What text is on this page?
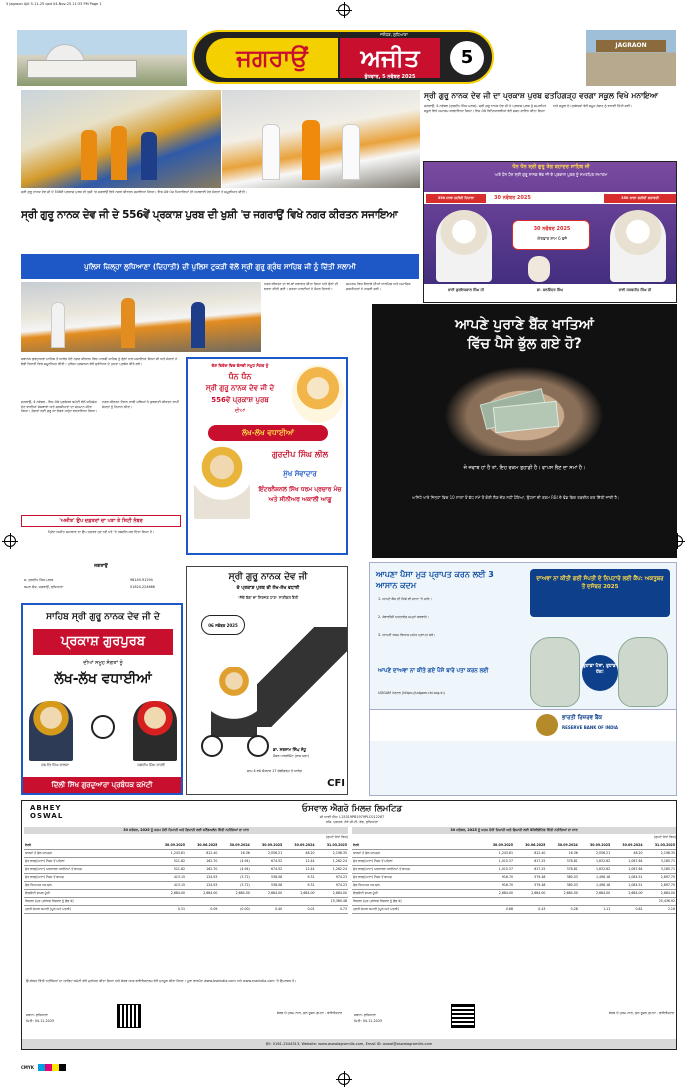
5 Jagraon Ajit 5-11-25 qxd 04-Nov-25 11:33 PM Page 1
ਜਗਰਾਉਂ	ਅਜੀਤ
ਜਲੰਧਰ, ਲੁਧਿਆਣਾ
ਬੁੱਧਵਾਰ, 5 ਨਵੰਬਰ 2025
5
JAGRAON
ਸ੍ਰੀ ਗੁਰੂ ਨਾਨਕ ਦੇਵ ਜੀ ਦੇ 556ਵੇਂ ਪ੍ਰਕਾਸ਼ ਪੁਰਬ ਦੀ ਖੁਸ਼ੀ 'ਚ ਜਗਰਾਉਂ ਵਿਖੇ ਨਗਰ ਕੀਰਤਨ ਸਜਾਇਆ ਗਿਆ। ਇਸ ਮੌਕੇ ਪੰਜ ਪਿਆਰਿਆਂ ਦੀ ਅਗਵਾਈ ਹੇਠ ਸੰਗਤਾਂ ਨੇ ਸ਼ਮੂਲੀਅਤ ਕੀਤੀ।
ਸ੍ਰੀ ਗੁਰੂ ਨਾਨਕ ਦੇਵ ਜੀ ਦਾ ਪ੍ਰਕਾਸ਼ ਪੁਰਬ ਫਤਹਿਗੜ੍ਹ ਵਰਗਾ ਸਕੂਲ ਵਿਖੇ ਮਨਾਇਆ
ਜਗਰਾਉਂ, 4 ਨਵੰਬਰ (ਗੁਰਦੀਪ ਸਿੰਘ ਮਲਕ)- ਸ੍ਰੀ ਗੁਰੂ ਨਾਨਕ ਦੇਵ ਜੀ ਦੇ ਪ੍ਰਕਾਸ਼ ਪੁਰਬ ਨੂੰ ਸਮਰਪਿਤ ਸਕੂਲ ਵਿਖੇ ਸਮਾਗਮ ਕਰਵਾਇਆ ਗਿਆ। ਇਸ ਮੌਕੇ ਵਿਦਿਆਰਥੀਆਂ ਵੱਲੋਂ ਸ਼ਬਦ ਗਾਇਨ ਕੀਤਾ ਗਿਆ ਅਤੇ ਸਕੂਲ ਦੇ ਪ੍ਰਬੰਧਕਾਂ ਵੱਲੋਂ ਸਮੂਹ ਸੰਗਤ ਨੂੰ ਵਧਾਈ ਦਿੱਤੀ ਗਈ।
ਧੰਨ ਧੰਨ ਸ੍ਰੀ ਗੁਰੂ ਤੇਗ ਬਹਾਦਰ ਸਾਹਿਬ ਜੀ
ਅਤੇ ਧੰਨ ਧੰਨ ਸ੍ਰੀ ਗੁਰੂ ਨਾਨਕ ਦੇਵ ਜੀ ਦੇ ਪ੍ਰਕਾਸ਼ ਪੁਰਬ ਨੂੰ ਸਮਰਪਿਤ ਸਮਾਗਮ
350 ਸਾਲਾ ਸ਼ਹੀਦੀ ਦਿਹਾੜਾ	30 ਨਵੰਬਰ 2025	350 ਸਾਲਾ ਸ਼ਹੀਦੀ ਸ਼ਤਾਬਦੀ
30 ਨਵੰਬਰ 2025
ਐਤਵਾਰ ਸ਼ਾਮ 6 ਵਜੇ
ਭਾਈ ਗੁਰਇਕਬਾਲ ਸਿੰਘ ਜੀ	ਡਾ. ਬਲਵਿੰਦਰ ਸਿੰਘ	ਭਾਈ ਸਰਬਜੀਤ ਸਿੰਘ ਜੀ
ਸ੍ਰੀ ਗੁਰੂ ਨਾਨਕ ਦੇਵ ਜੀ ਦੇ 556ਵੇਂ ਪ੍ਰਕਾਸ਼ ਪੁਰਬ ਦੀ ਖੁਸ਼ੀ 'ਚ ਜਗਰਾਉਂ ਵਿਖੇ ਨਗਰ ਕੀਰਤਨ ਸਜਾਇਆ
ਪੁਲਿਸ ਜ਼ਿਲ੍ਹਾ ਲੁਧਿਆਣਾ (ਦਿਹਾਤੀ) ਦੀ ਪੁਲਿਸ ਟੁਕੜੀ ਵੱਲੋਂ ਸ੍ਰੀ ਗੁਰੂ ਗ੍ਰੰਥ ਸਾਹਿਬ ਜੀ ਨੂੰ ਦਿੱਤੀ ਸਲਾਮੀ
ਨਗਰ ਕੀਰਤਨ ਦਾ ਥਾਂ-ਥਾਂ ਸਵਾਗਤ ਕੀਤਾ ਗਿਆ ਅਤੇ ਫੁੱਲਾਂ ਦੀ ਵਰਖਾ ਕੀਤੀ ਗਈ। ਗਤਕਾ ਪਾਰਟੀਆਂ ਨੇ ਜੌਹਰ ਦਿਖਾਏ।
ਸਮਾਗਮ ਵਿਚ ਇਲਾਕੇ ਦੀਆਂ ਧਾਰਮਿਕ ਅਤੇ ਸਮਾਜਿਕ ਸ਼ਖ਼ਸੀਅਤਾਂ ਨੇ ਹਾਜ਼ਰੀ ਭਰੀ।
ਆਪਣੇ ਪੁਰਾਣੇ ਬੈਂਕ ਖਾਤਿਆਂ
ਵਿੱਚ ਪੈਸੇ ਭੁੱਲ ਗਏ ਹੋ?
ਜੇ ਜਵਾਬ ਹਾਂ ਹੈ ਤਾਂ, ਇਹ ਰਕਮ ਤੁਹਾਡੀ ਹੈ। ਵਾਪਸ ਲੈਣ ਦਾ ਸਮਾਂ ਹੈ।
ਅਜਿਹੇ ਖਾਤੇ ਜਿਨ੍ਹਾਂ ਵਿਚ 10 ਸਾਲਾਂ ਤੋਂ ਵੱਧ ਸਮੇਂ ਤੋਂ ਕੋਈ ਲੈਣ-ਦੇਣ ਨਹੀਂ ਹੋਇਆ, ਉਹਨਾਂ ਦੀ ਰਕਮ RBI ਦੇ ਫੰਡ ਵਿਚ ਤਬਦੀਲ ਕਰ ਦਿੱਤੀ ਜਾਂਦੀ ਹੈ।
ਸਥਾਨਕ ਗੁਰਦੁਆਰਾ ਸਾਹਿਬ ਤੋਂ ਆਰੰਭ ਹੋਏ ਨਗਰ ਕੀਰਤਨ ਵਿਚ ਪਾਲਕੀ ਸਾਹਿਬ ਨੂੰ ਫੁੱਲਾਂ ਨਾਲ ਸਜਾਇਆ ਗਿਆ ਸੀ ਅਤੇ ਸੰਗਤਾਂ ਨੇ ਵੱਡੀ ਗਿਣਤੀ ਵਿਚ ਸ਼ਮੂਲੀਅਤ ਕੀਤੀ। ਪੁਲਿਸ ਪ੍ਰਸ਼ਾਸਨ ਵੱਲੋਂ ਸੁਰੱਖਿਆ ਦੇ ਪੁਖ਼ਤਾ ਪ੍ਰਬੰਧ ਕੀਤੇ ਗਏ।
ਜਗਰਾਉਂ, 4 ਨਵੰਬਰ - ਇਸ ਮੌਕੇ ਪ੍ਰਬੰਧਕ ਕਮੇਟੀ ਵੱਲੋਂ ਸਹਿਯੋਗ ਦੇਣ ਵਾਲੀਆਂ ਸੰਸਥਾਵਾਂ ਅਤੇ ਸ਼ਖ਼ਸੀਅਤਾਂ ਦਾ ਸਨਮਾਨ ਕੀਤਾ ਗਿਆ। ਸੰਗਤਾਂ ਲਈ ਗੁਰੂ ਕਾ ਲੰਗਰ ਅਤੁੱਟ ਵਰਤਾਇਆ ਗਿਆ।
ਨਗਰ ਕੀਰਤਨ ਦੌਰਾਨ ਰਾਗੀ ਜਥਿਆਂ ਨੇ ਗੁਰਬਾਣੀ ਕੀਰਤਨ ਰਾਹੀਂ ਸੰਗਤਾਂ ਨੂੰ ਨਿਹਾਲ ਕੀਤਾ।
ਦੇਸ਼ ਵਿਦੇਸ਼ ਵਿਚ ਵੱਸਦੀ ਸਮੂਹ ਸੰਗਤ ਨੂੰ
ਧੰਨ ਧੰਨ
ਸ੍ਰੀ ਗੁਰੂ ਨਾਨਕ ਦੇਵ ਜੀ ਦੇ
556ਵੇਂ ਪ੍ਰਕਾਸ਼ ਪੁਰਬ
ਦੀਆਂ
ਲੱਖ-ਲੱਖ ਵਧਾਈਆਂ
ਗੁਰਦੀਪ ਸਿੰਘ ਲੀਲ
ਮੁੱਖ ਸੇਵਾਦਾਰ
ਇੰਟਰਨੈਸ਼ਨਲ ਸਿੱਖ ਧਰਮ ਪ੍ਰਚਾਰ ਮੰਚ ਅਤੇ ਸੀਨੀਅਰ ਅਕਾਲੀ ਆਗੂ
'ਅਜੀਤ' ਉਪ ਦਫ਼ਤਰਾਂ ਦਾ ਪਤਾ ਤੇ ਸਿਟੀ ਨੰਬਰ
ਪ੍ਰਿੰਟ ਅਜੀਤ ਸਮਾਚਾਰ ਦਾ ਉਪ ਦਫ਼ਤਰ ਹੁਣ ਨਵੇਂ ਪਤੇ 'ਤੇ ਤਬਦੀਲ ਕਰ ਦਿੱਤਾ ਗਿਆ ਹੈ।
ਜਗਰਾਉਂ
ਸ. ਗੁਰਦੀਪ ਸਿੰਘ ਮਲਕ	98149-91294
ਕਮਲ ਚੌਕ, ਜਗਰਾਉਂ, ਲੁਧਿਆਣਾ	01624-224666
ਸਾਹਿਬ ਸ੍ਰੀ ਗੁਰੂ ਨਾਨਕ ਦੇਵ ਜੀ ਦੇ
ਪ੍ਰਕਾਸ਼ ਗੁਰਪੁਰਬ
ਦੀਆਂ ਸਮੂਹ ਸੰਗਤਾਂ ਨੂੰ
ਲੱਖ-ਲੱਖ ਵਧਾਈਆਂ
ਹਰਮੀਤ ਸਿੰਘ ਕਾਲਕਾ	ਜਗਦੀਪ ਸਿੰਘ ਕਾਹਲੋਂ
ਦਿੱਲੀ ਸਿੱਖ ਗੁਰਦੁਆਰਾ ਪ੍ਰਬੰਧਕ ਕਮੇਟੀ
ਸ੍ਰੀ ਗੁਰੂ ਨਾਨਕ ਦੇਵ ਜੀ
ਦੇ ਪ੍ਰਕਾਸ਼ ਪੁਰਬ ਦੀ ਲੱਖ-ਲੱਖ ਵਧਾਈ
"ਸੱਚੇ ਰੱਬਾ ਦਾ ਸਿਰਜਣ ਹਾਰ" ਸਾਈਕਲ ਰੈਲੀ
06 ਨਵੰਬਰ 2025
ਡਾ. ਸਤਨਾਮ ਸਿੰਘ ਸੰਧੂ
ਮੈਂਬਰ ਪਾਰਲੀਮੈਂਟ (ਰਾਜ ਸਭਾ)
ਸ਼ਾਮ 4 ਵਜੇ ਸੈਕਟਰ 17 ਚੰਡੀਗੜ੍ਹ ਤੋਂ ਆਰੰਭ
CFI
ਆਪਣਾ ਪੈਸਾ ਮੁੜ ਪ੍ਰਾਪਤ ਕਰਨ ਲਈ 3 ਆਸਾਨ ਕਦਮ
1. ਆਪਣੇ ਬੈਂਕ ਦੀ ਕਿਸੇ ਵੀ ਸ਼ਾਖਾ 'ਤੇ ਜਾਓ।
2. ਕੇਵਾਈਸੀ ਦਸਤਾਵੇਜ਼ ਜਮ੍ਹਾਂ ਕਰਵਾਓ।
3. ਆਪਣੀ ਰਕਮ ਵਿਆਜ ਸਮੇਤ ਪ੍ਰਾਪਤ ਕਰੋ।
ਆਪਣੇ ਦਾਅਵਾ ਨਾ ਕੀਤੇ ਗਏ ਪੈਸੇ ਬਾਰੇ ਪਤਾ ਕਰਨ ਲਈ
UDGAM ਪੋਰਟਲ (https://udgam.rbi.org.in)
ਦਾਅਵਾ ਨਾ ਕੀਤੀ ਗਈ ਸੰਪਤੀ ਦੇ ਨਿਪਟਾਰੇ ਲਈ ਕੈਂਪ: ਅਕਤੂਬਰ ਤੋਂ ਦਸੰਬਰ 2025
ਤੁਹਾਡਾ ਪੈਸਾ, ਤੁਹਾਡਾ ਹੱਕ!
ਭਾਰਤੀ ਰਿਜ਼ਰਵ ਬੈਂਕ
RESERVE BANK OF INDIA
ABHEY
OSWAL
ਓਸਵਾਲ ਐਗਰੋ ਮਿਲਜ਼ ਲਿਮਟਿਡ
ਸੀ ਆਈ ਐਨ: L15319PB1979PLC012267
ਰਜਿ. ਦਫ਼ਤਰ: ਨੇੜੇ ਜੀ.ਟੀ. ਰੋਡ, ਲੁਧਿਆਣਾ
30 ਸਤੰਬਰ, 2025 ਨੂੰ ਖ਼ਤਮ ਹੋਈ ਤਿਮਾਹੀ ਅਤੇ ਛਿਮਾਹੀ ਲਈ ਸਟੈਂਡਅਲੋਨ ਵਿੱਤੀ ਨਤੀਜਿਆਂ ਦਾ ਸਾਰ	30 ਸਤੰਬਰ, 2025 ਨੂੰ ਖ਼ਤਮ ਹੋਈ ਤਿਮਾਹੀ ਅਤੇ ਛਿਮਾਹੀ ਲਈ ਕੰਸੋਲੀਡੇਟਿਡ ਵਿੱਤੀ ਨਤੀਜਿਆਂ ਦਾ ਸਾਰ
(ਰੁਪਏ ਲੱਖਾਂ ਵਿਚ)	(ਰੁਪਏ ਲੱਖਾਂ ਵਿਚ)
ਵੇਰਵੇ	30.09.2025	30.06.2025	30.09.2024	30.09.2025	30.09.2024	31.03.2025
ਕਾਰਜਾਂ ਤੋਂ ਕੁੱਲ ਆਮਦਨ	1,243.81	812.40	16.36	2,056.21	48.20	2,198.35
ਸ਼ੁੱਧ ਲਾਭ/(ਘਾਟਾ) ਟੈਕਸ ਤੋਂ ਪਹਿਲਾਂ	511.82	162.70	(4.94)	674.52	12.44	1,262.24
ਸ਼ੁੱਧ ਲਾਭ/(ਘਾਟਾ) ਅਸਧਾਰਨ ਆਈਟਮਾਂ ਤੋਂ ਬਾਅਦ	511.82	162.70	(4.94)	674.52	12.44	1,262.24
ਸ਼ੁੱਧ ਲਾਭ/(ਘਾਟਾ) ਟੈਕਸ ਤੋਂ ਬਾਅਦ	413.15	124.93	(3.72)	538.08	9.31	974.23
ਕੁੱਲ ਵਿਆਪਕ ਆਮਦਨ	413.15	124.93	(3.72)	538.08	9.31	974.23
ਇਕੁਇਟੀ ਸ਼ੇਅਰ ਪੂੰਜੀ	2,684.00	2,684.00	2,684.00	2,684.00	2,684.00	2,684.00
ਰਿਜ਼ਰਵ (ਮੁੜ ਮੁਲਾਂਕਣ ਰਿਜ਼ਰਵ ਨੂੰ ਛੱਡ ਕੇ)						15,360.48
ਪ੍ਰਤੀ ਸ਼ੇਅਰ ਕਮਾਈ (ਮੂਲ ਅਤੇ ਪਤਲੀ)	0.31	0.09	(0.00)	0.40	0.01	0.73
ਵੇਰਵੇ	30.09.2025	30.06.2025	30.09.2024	30.09.2025	30.09.2024	31.03.2025
ਕਾਰਜਾਂ ਤੋਂ ਕੁੱਲ ਆਮਦਨ	1,243.81	812.40	16.36	2,056.21	48.20	2,198.35
ਸ਼ੁੱਧ ਲਾਭ/(ਘਾਟਾ) ਟੈਕਸ ਤੋਂ ਪਹਿਲਾਂ	1,015.37	617.25	378.81	1,632.62	1,087.64	3,185.71
ਸ਼ੁੱਧ ਲਾਭ/(ਘਾਟਾ) ਅਸਧਾਰਨ ਆਈਟਮਾਂ ਤੋਂ ਬਾਅਦ	1,015.37	617.25	378.81	1,632.62	1,087.64	3,185.71
ਸ਼ੁੱਧ ਲਾਭ/(ਘਾਟਾ) ਟੈਕਸ ਤੋਂ ਬਾਅਦ	916.70	579.48	380.03	1,496.18	1,084.51	2,897.70
ਕੁੱਲ ਵਿਆਪਕ ਆਮਦਨ	916.70	579.48	380.03	1,496.18	1,084.51	2,897.70
ਇਕੁਇਟੀ ਸ਼ੇਅਰ ਪੂੰਜੀ	2,684.00	2,684.00	2,684.00	2,684.00	2,684.00	2,684.00
ਰਿਜ਼ਰਵ (ਮੁੜ ਮੁਲਾਂਕਣ ਰਿਜ਼ਰਵ ਨੂੰ ਛੱਡ ਕੇ)						25,436.92
ਪ੍ਰਤੀ ਸ਼ੇਅਰ ਕਮਾਈ (ਮੂਲ ਅਤੇ ਪਤਲੀ)	0.68	0.43	0.28	1.11	0.81	2.16
ਉਪਰੋਕਤ ਵਿੱਤੀ ਨਤੀਜਿਆਂ ਦਾ ਆਡਿਟ ਕਮੇਟੀ ਵੱਲੋਂ ਮੁਲਾਂਕਣ ਕੀਤਾ ਗਿਆ ਅਤੇ ਬੋਰਡ ਆਫ਼ ਡਾਇਰੈਕਟਰਜ਼ ਵੱਲੋਂ ਮਨਜ਼ੂਰ ਕੀਤਾ ਗਿਆ। ਪੂਰਾ ਫਾਰਮੈਟ www.bseindia.com ਅਤੇ www.nseindia.com 'ਤੇ ਉਪਲਬਧ ਹੈ।
ਸਥਾਨ: ਲੁਧਿਆਣਾ
ਮਿਤੀ: 04.11.2025
ਬੋਰਡ ਦੇ ਹੁਕਮ ਨਾਲ, ਕੁਲ ਭੂਸ਼ਨ ਗੁਪਤਾ - ਡਾਇਰੈਕਟਰ	ਸਥਾਨ: ਲੁਧਿਆਣਾ
ਮਿਤੀ: 04.11.2025
ਬੋਰਡ ਦੇ ਹੁਕਮ ਨਾਲ, ਕੁਲ ਭੂਸ਼ਨ ਗੁਪਤਾ - ਡਾਇਰੈਕਟਰ
ਫ਼ੋਨ: 0161-2544313, Website: www.oswalagromills.com, Email ID: oswal@oswalagromills.com
CMYK
